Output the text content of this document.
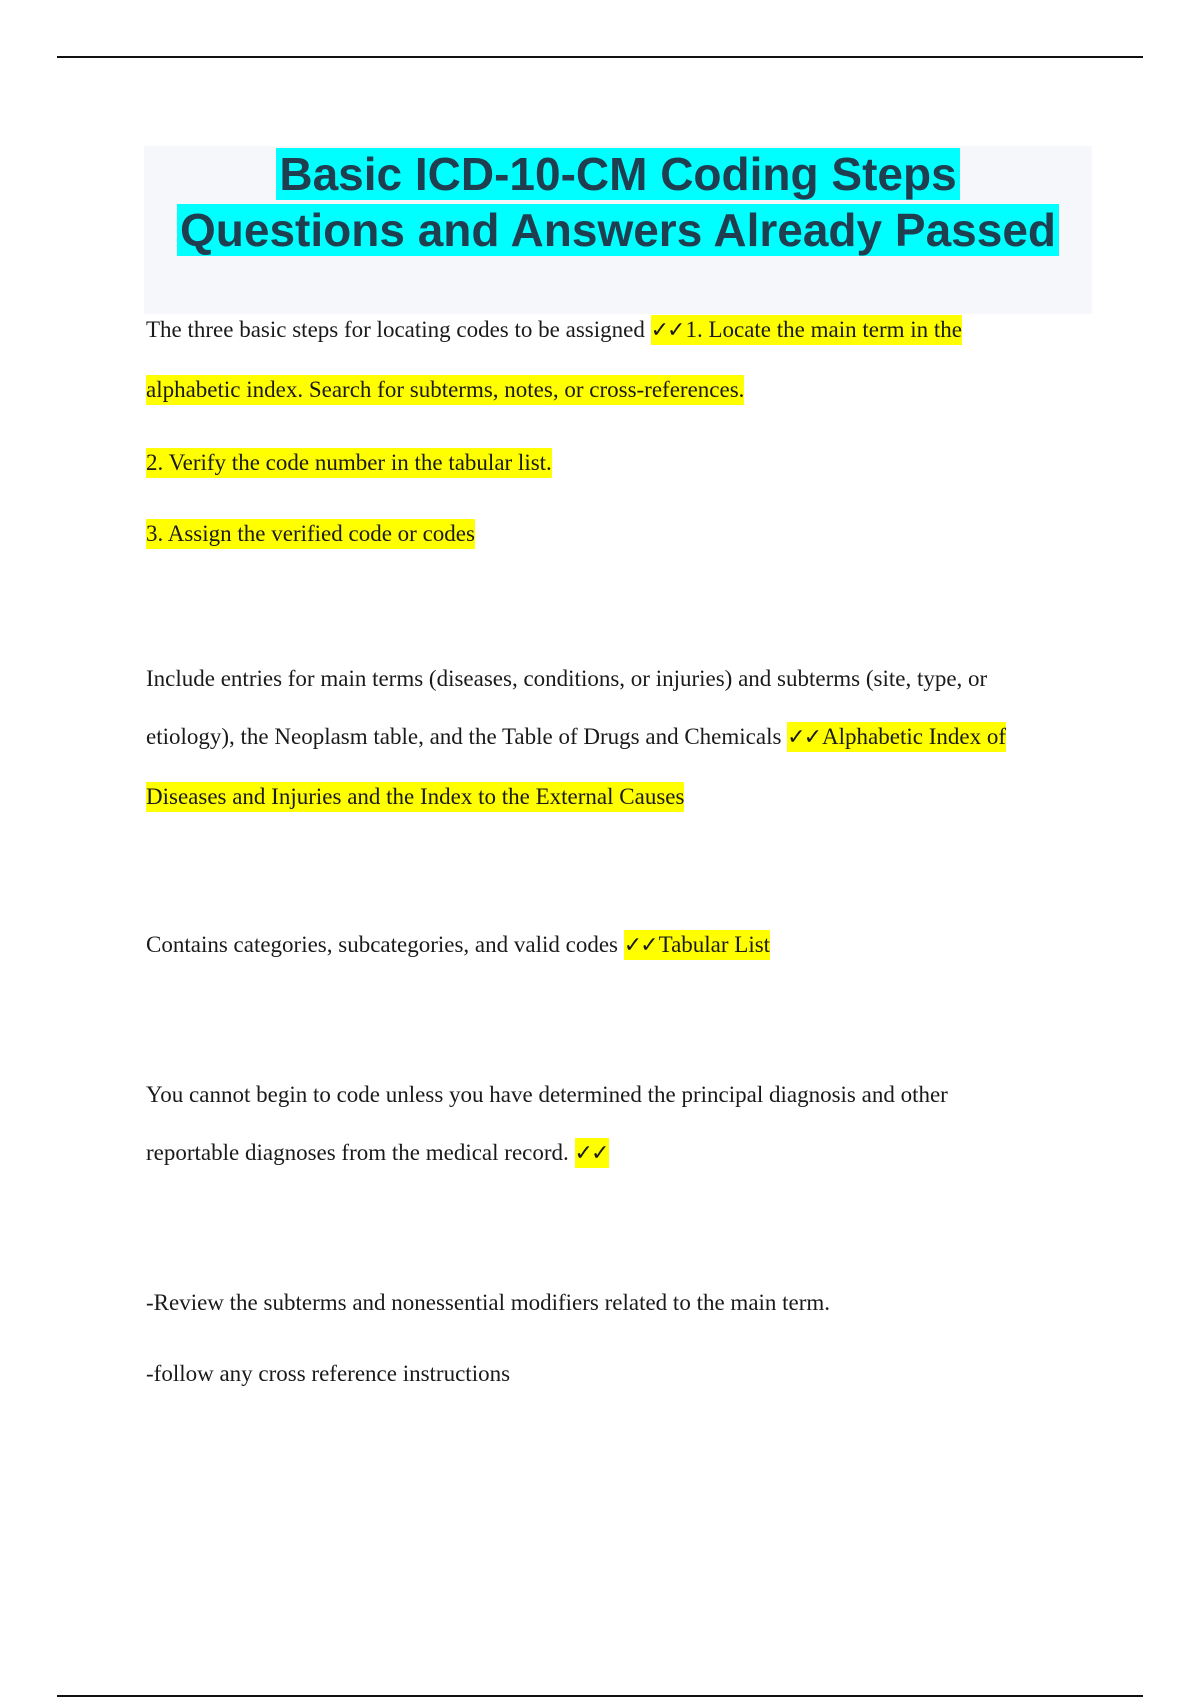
Basic ICD-10-CM Coding Steps
Questions and Answers Already Passed
The three basic steps for locating codes to be assigned ✓✓1. Locate the main term in the
alphabetic index. Search for subterms, notes, or cross-references.
2. Verify the code number in the tabular list.
3. Assign the verified code or codes
Include entries for main terms (diseases, conditions, or injuries) and subterms (site, type, or
etiology), the Neoplasm table, and the Table of Drugs and Chemicals ✓✓Alphabetic Index of
Diseases and Injuries and the Index to the External Causes
Contains categories, subcategories, and valid codes ✓✓Tabular List
You cannot begin to code unless you have determined the principal diagnosis and other
reportable diagnoses from the medical record. ✓✓
-Review the subterms and nonessential modifiers related to the main term.
-follow any cross reference instructions
